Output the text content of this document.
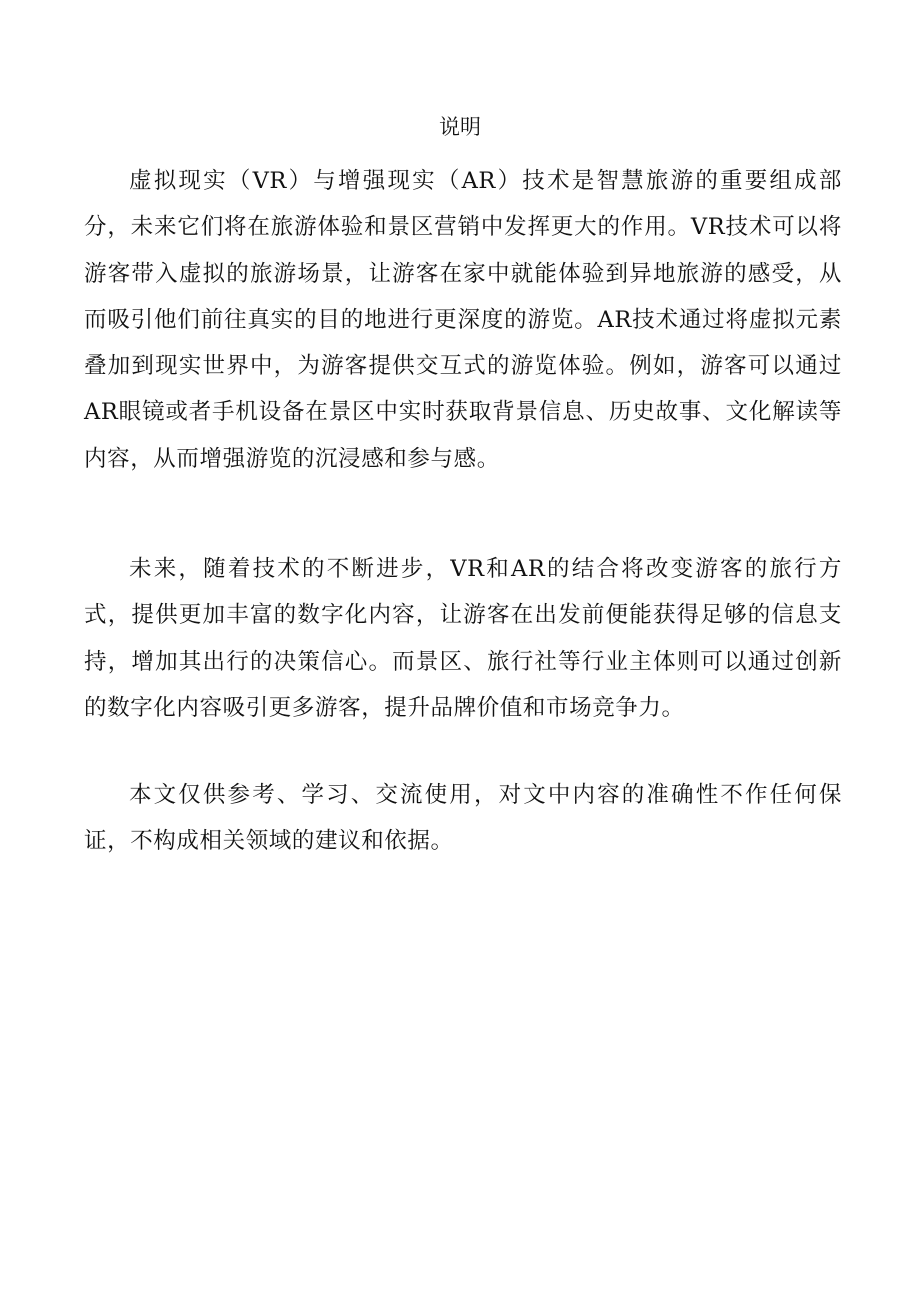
说明

虚拟现实（VR）与增强现实（AR）技术是智慧旅游的重要组成部分，未来它们将在旅游体验和景区营销中发挥更大的作用。VR技术可以将游客带入虚拟的旅游场景，让游客在家中就能体验到异地旅游的感受，从而吸引他们前往真实的目的地进行更深度的游览。AR技术通过将虚拟元素叠加到现实世界中，为游客提供交互式的游览体验。例如，游客可以通过AR眼镜或者手机设备在景区中实时获取背景信息、历史故事、文化解读等内容，从而增强游览的沉浸感和参与感。

未来，随着技术的不断进步，VR和AR的结合将改变游客的旅行方式，提供更加丰富的数字化内容，让游客在出发前便能获得足够的信息支持，增加其出行的决策信心。而景区、旅行社等行业主体则可以通过创新的数字化内容吸引更多游客，提升品牌价值和市场竞争力。

本文仅供参考、学习、交流使用，对文中内容的准确性不作任何保证，不构成相关领域的建议和依据。
